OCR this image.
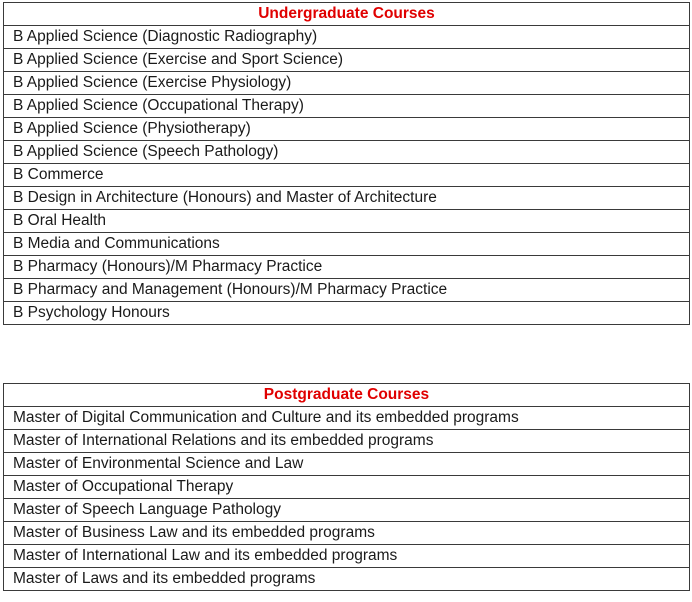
Undergraduate Courses
B Applied Science (Diagnostic Radiography)
B Applied Science (Exercise and Sport Science)
B Applied Science (Exercise Physiology)
B Applied Science (Occupational Therapy)
B Applied Science (Physiotherapy)
B Applied Science (Speech Pathology)
B Commerce
B Design in Architecture (Honours) and Master of Architecture
B Oral Health
B Media and Communications
B Pharmacy (Honours)/M Pharmacy Practice
B Pharmacy and Management (Honours)/M Pharmacy Practice
B Psychology Honours
Postgraduate Courses
Master of Digital Communication and Culture and its embedded programs
Master of International Relations and its embedded programs
Master of Environmental Science and Law
Master of Occupational Therapy
Master of Speech Language Pathology
Master of Business Law and its embedded programs
Master of International Law and its embedded programs
Master of Laws and its embedded programs
